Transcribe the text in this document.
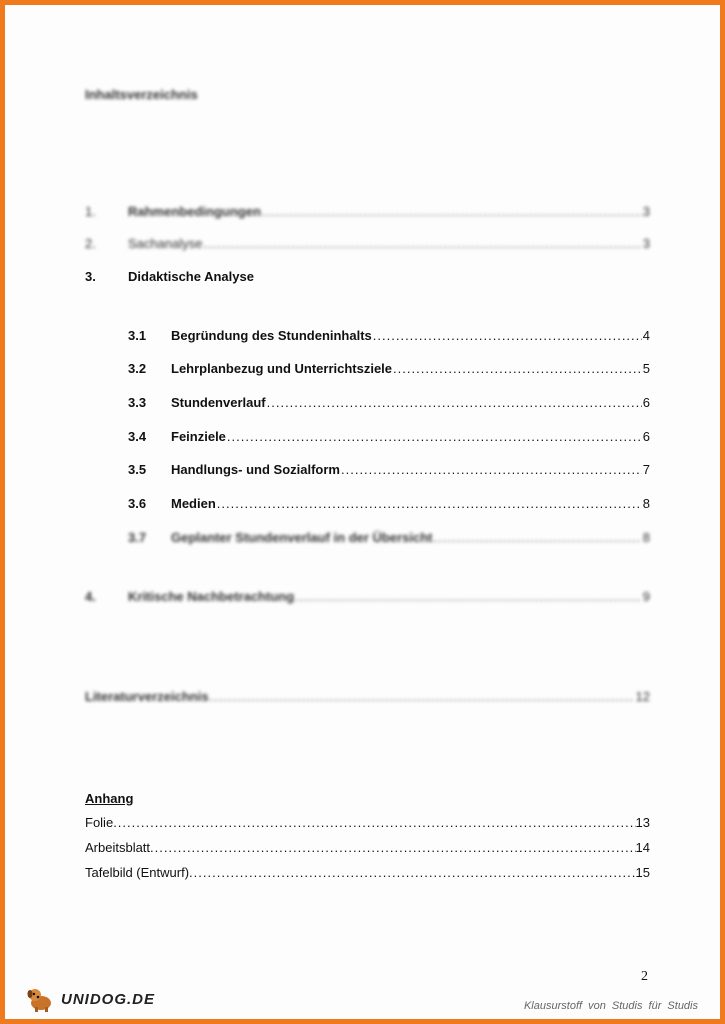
Inhaltsverzeichnis
1.	Rahmenbedingungen .....	3
2.	Sachanalyse .....	3
3.	Didaktische Analyse
3.1	Begründung des Stundeninhalts .....	4
3.2	Lehrplanbezug und Unterrichtsziele .....	5
3.3	Stundenverlauf .....	6
3.4	Feinziele .....	6
3.5	Handlungs- und Sozialform .....	7
3.6	Medien .....	8
3.7	Geplanter Stundenverlauf in der Übersicht .....	8
4.	Kritische Nachbetrachtung .....	9
Literaturverzeichnis .....	12
Anhang
Folie .....	13
Arbeitsblatt .....	14
Tafelbild (Entwurf) .....	15
2
UNIDOG.DE	Klausurstoff von Studis für Studis
